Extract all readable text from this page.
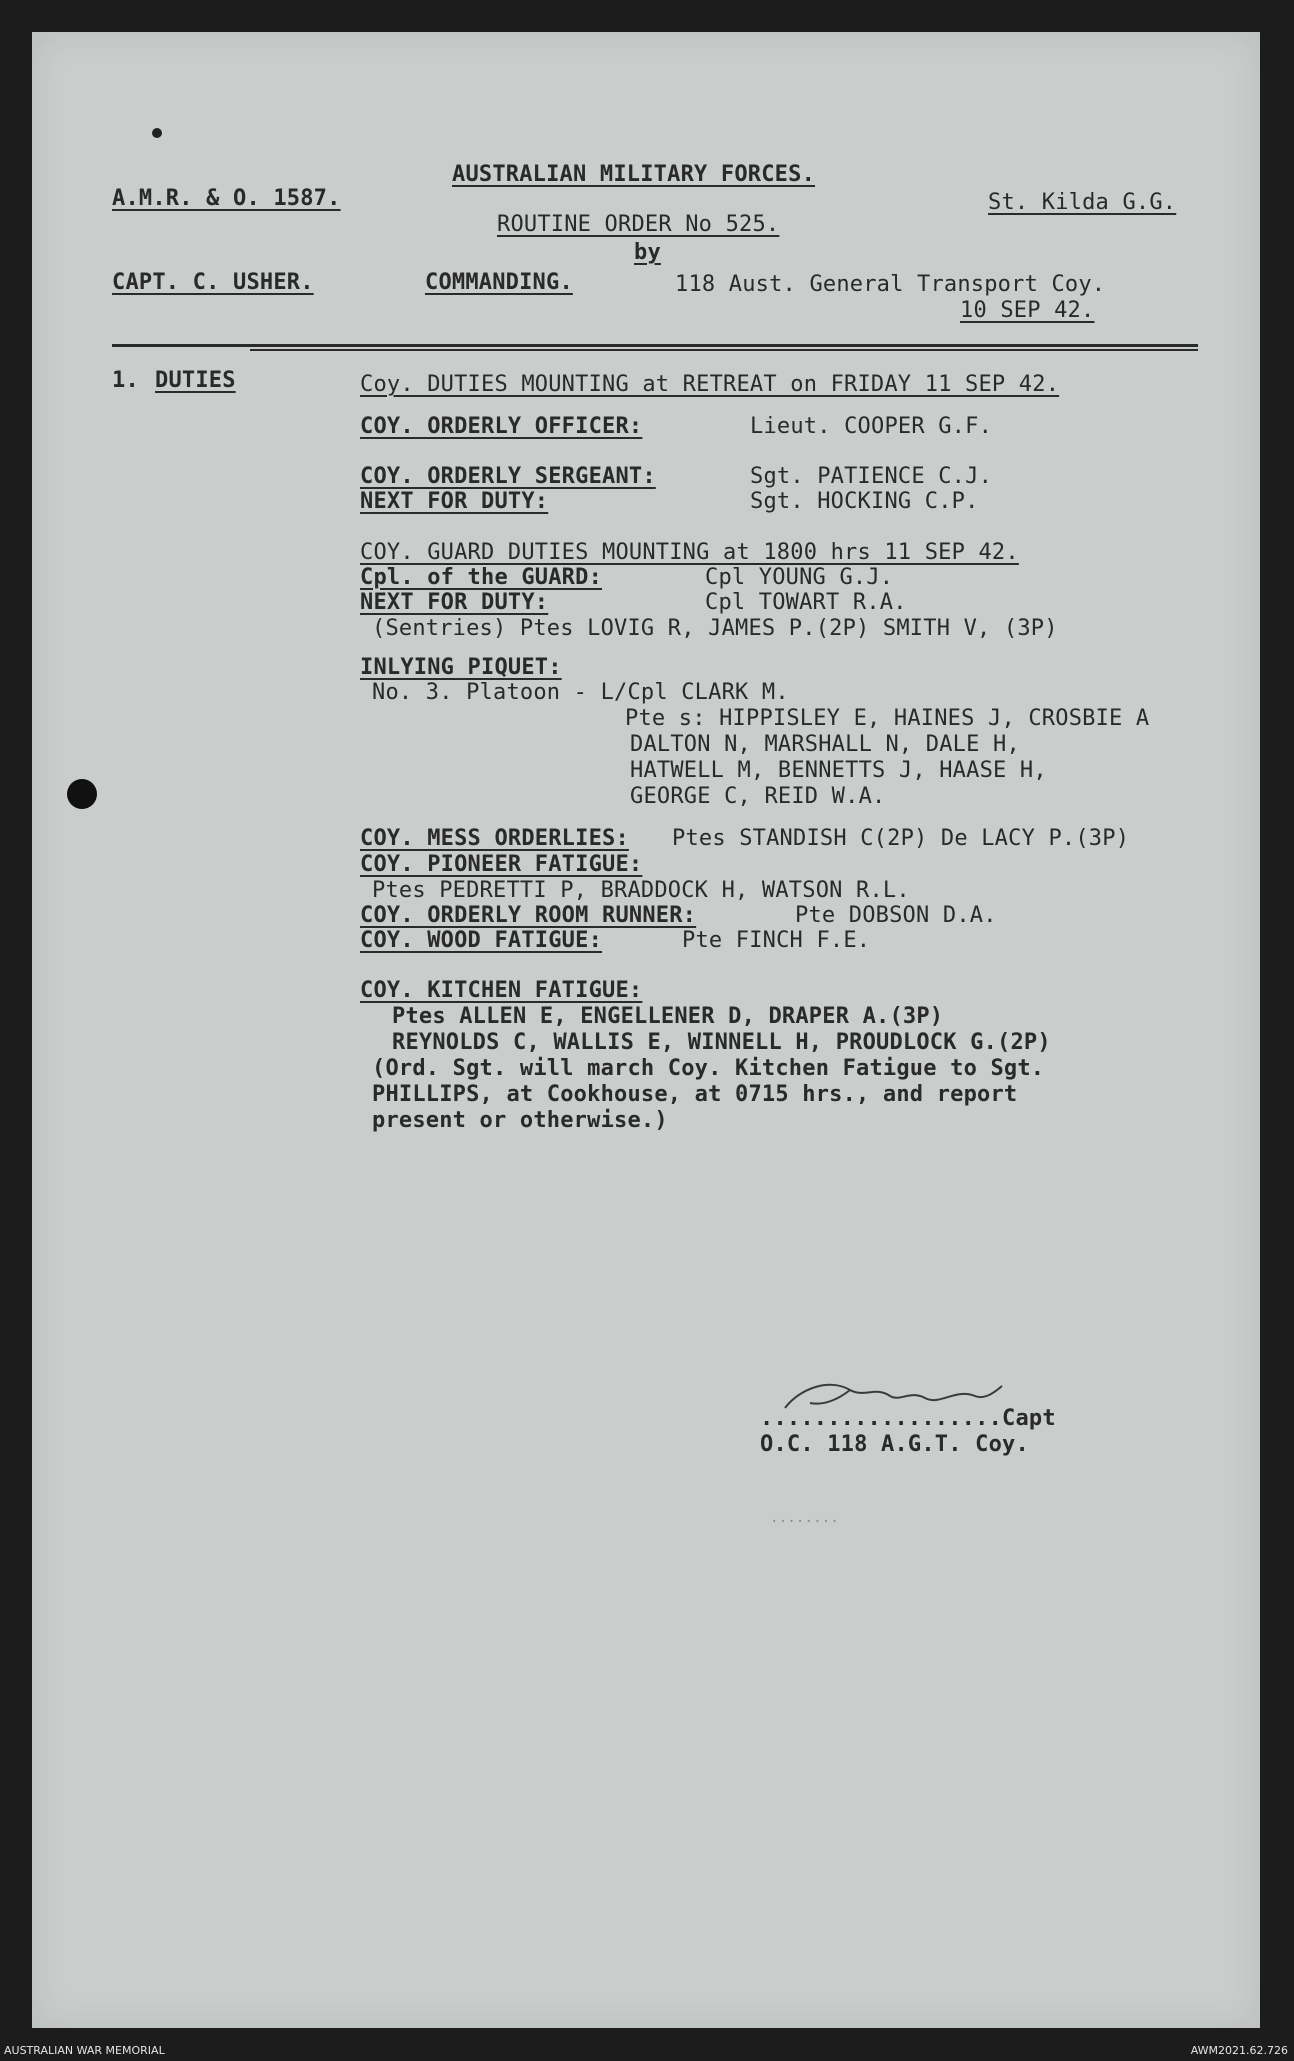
A.M.R. & O. 1587.
AUSTRALIAN MILITARY FORCES.
St. Kilda G.G.
ROUTINE ORDER No 525.
by
CAPT. C. USHER.	COMMANDING.	118 Aust. General Transport Coy.
10 SEP 42.
1. DUTIES	Coy. DUTIES MOUNTING at RETREAT on FRIDAY 11 SEP 42.
COY. ORDERLY OFFICER:	Lieut. COOPER G.F.
COY. ORDERLY SERGEANT:	Sgt. PATIENCE C.J.
NEXT FOR DUTY:	Sgt. HOCKING C.P.
COY. GUARD DUTIES MOUNTING at 1800 hrs 11 SEP 42.
Cpl. of the GUARD:	Cpl YOUNG G.J.
NEXT FOR DUTY:	Cpl TOWART R.A.
(Sentries) Ptes LOVIG R, JAMES P.(2P) SMITH V, (3P)
INLYING PIQUET:
No. 3. Platoon - L/Cpl CLARK M.
Pte s: HIPPISLEY E, HAINES J, CROSBIE A
DALTON N, MARSHALL N, DALE H,
HATWELL M, BENNETTS J, HAASE H,
GEORGE C, REID W.A.
COY. MESS ORDERLIES: Ptes STANDISH C(2P) De LACY P.(3P)
COY. PIONEER FATIGUE:
Ptes PEDRETTI P, BRADDOCK H, WATSON R.L.
COY. ORDERLY ROOM RUNNER:	Pte DOBSON D.A.
COY. WOOD FATIGUE:	Pte FINCH F.E.
COY. KITCHEN FATIGUE:
Ptes ALLEN E, ENGELLENER D, DRAPER A.(3P)
REYNOLDS C, WALLIS E, WINNELL H, PROUDLOCK G.(2P)
(Ord. Sgt. will march Coy. Kitchen Fatigue to Sgt.
PHILLIPS, at Cookhouse, at 0715 hrs., and report
present or otherwise.)
..................Capt
O.C. 118 A.G.T. Coy.
........
AUSTRALIAN WAR MEMORIAL	AWM2021.62.726
